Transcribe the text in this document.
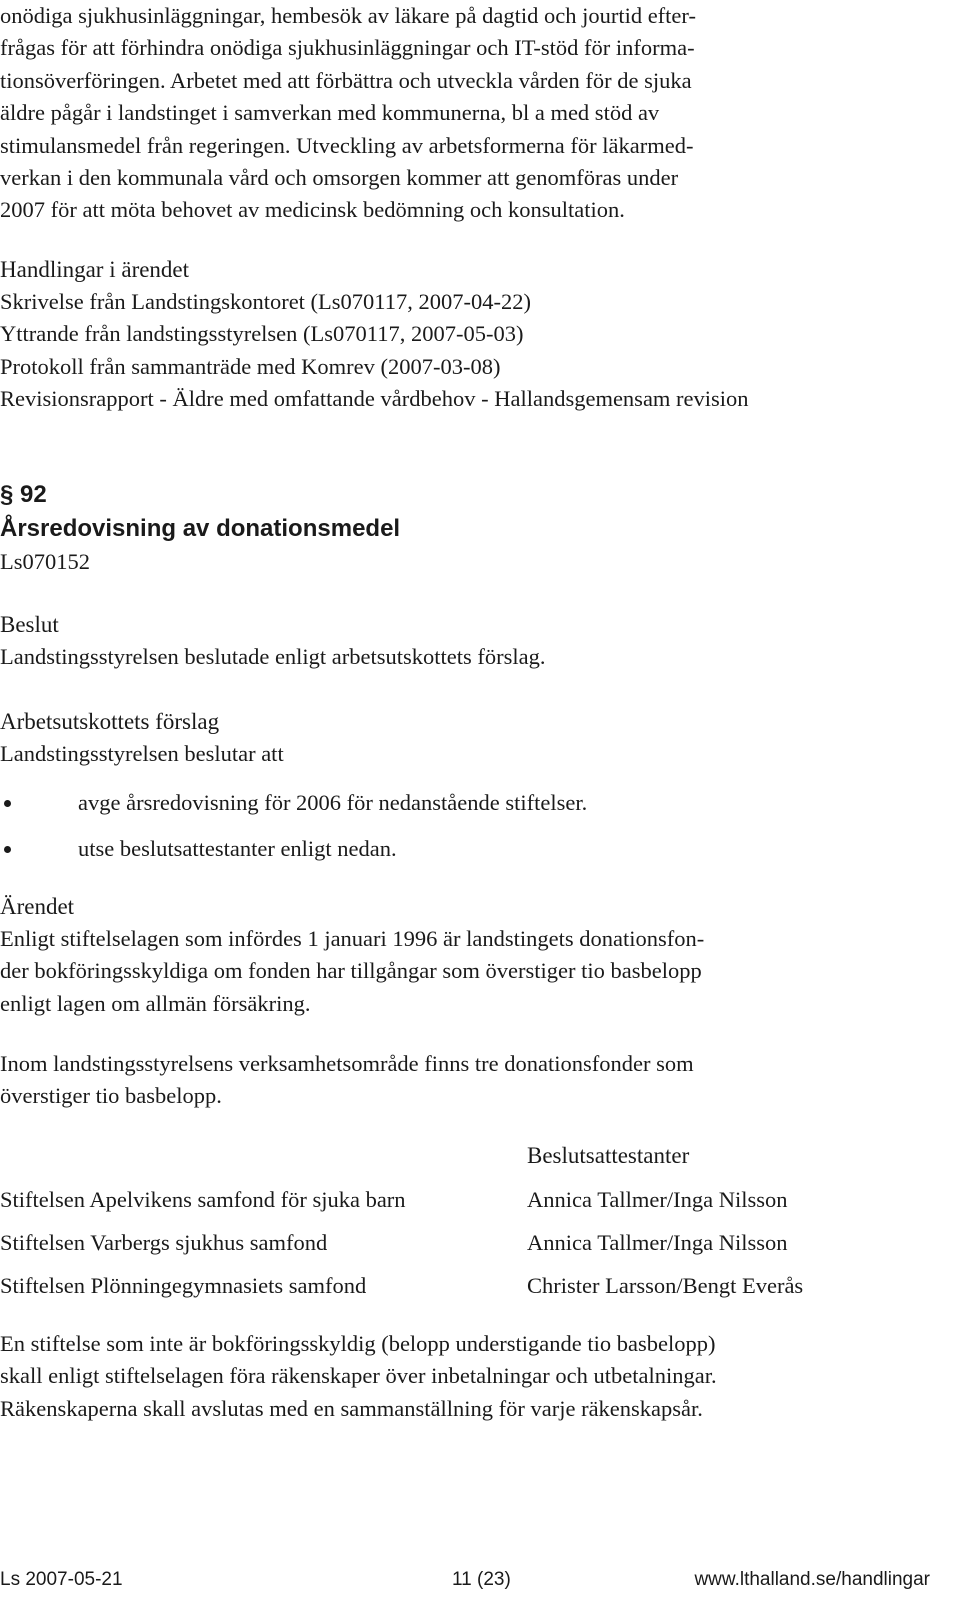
onödiga sjukhusinläggningar, hembesök av läkare på dagtid och jourtid efter-
frågas för att förhindra onödiga sjukhusinläggningar och IT-stöd för informa-
tionsöverföringen. Arbetet med att förbättra och utveckla vården för de sjuka
äldre pågår i landstinget i samverkan med kommunerna, bl a med stöd av
stimulansmedel från regeringen. Utveckling av arbetsformerna för läkarmed-
verkan i den kommunala vård och omsorgen kommer att genomföras under
2007 för att möta behovet av medicinsk bedömning och konsultation.
Handlingar i ärendet
Skrivelse från Landstingskontoret (Ls070117, 2007-04-22)
Yttrande från landstingsstyrelsen (Ls070117, 2007-05-03)
Protokoll från sammanträde med Komrev (2007-03-08)
Revisionsrapport - Äldre med omfattande vårdbehov - Hallandsgemensam revision
§ 92
Årsredovisning av donationsmedel
Ls070152
Beslut
Landstingsstyrelsen beslutade enligt arbetsutskottets förslag.
Arbetsutskottets förslag
Landstingsstyrelsen beslutar att
avge årsredovisning för 2006 för nedanstående stiftelser.
utse beslutsattestanter enligt nedan.
Ärendet
Enligt stiftelselagen som infördes 1 januari 1996 är landstingets donationsfon-
der bokföringsskyldiga om fonden har tillgångar som överstiger tio basbelopp
enligt lagen om allmän försäkring.
Inom landstingsstyrelsens verksamhetsområde finns tre donationsfonder som
överstiger tio basbelopp.
Beslutsattestanter
Stiftelsen Apelvikens samfond för sjuka barn
Stiftelsen Varbergs sjukhus samfond
Stiftelsen Plönningegymnasiets samfond
Annica Tallmer/Inga Nilsson
Annica Tallmer/Inga Nilsson
Christer Larsson/Bengt Everås
En stiftelse som inte är bokföringsskyldig (belopp understigande tio basbelopp)
skall enligt stiftelselagen föra räkenskaper över inbetalningar och utbetalningar.
Räkenskaperna skall avslutas med en sammanställning för varje räkenskapsår.
Ls 2007-05-21	11 (23)	www.lthalland.se/handlingar
